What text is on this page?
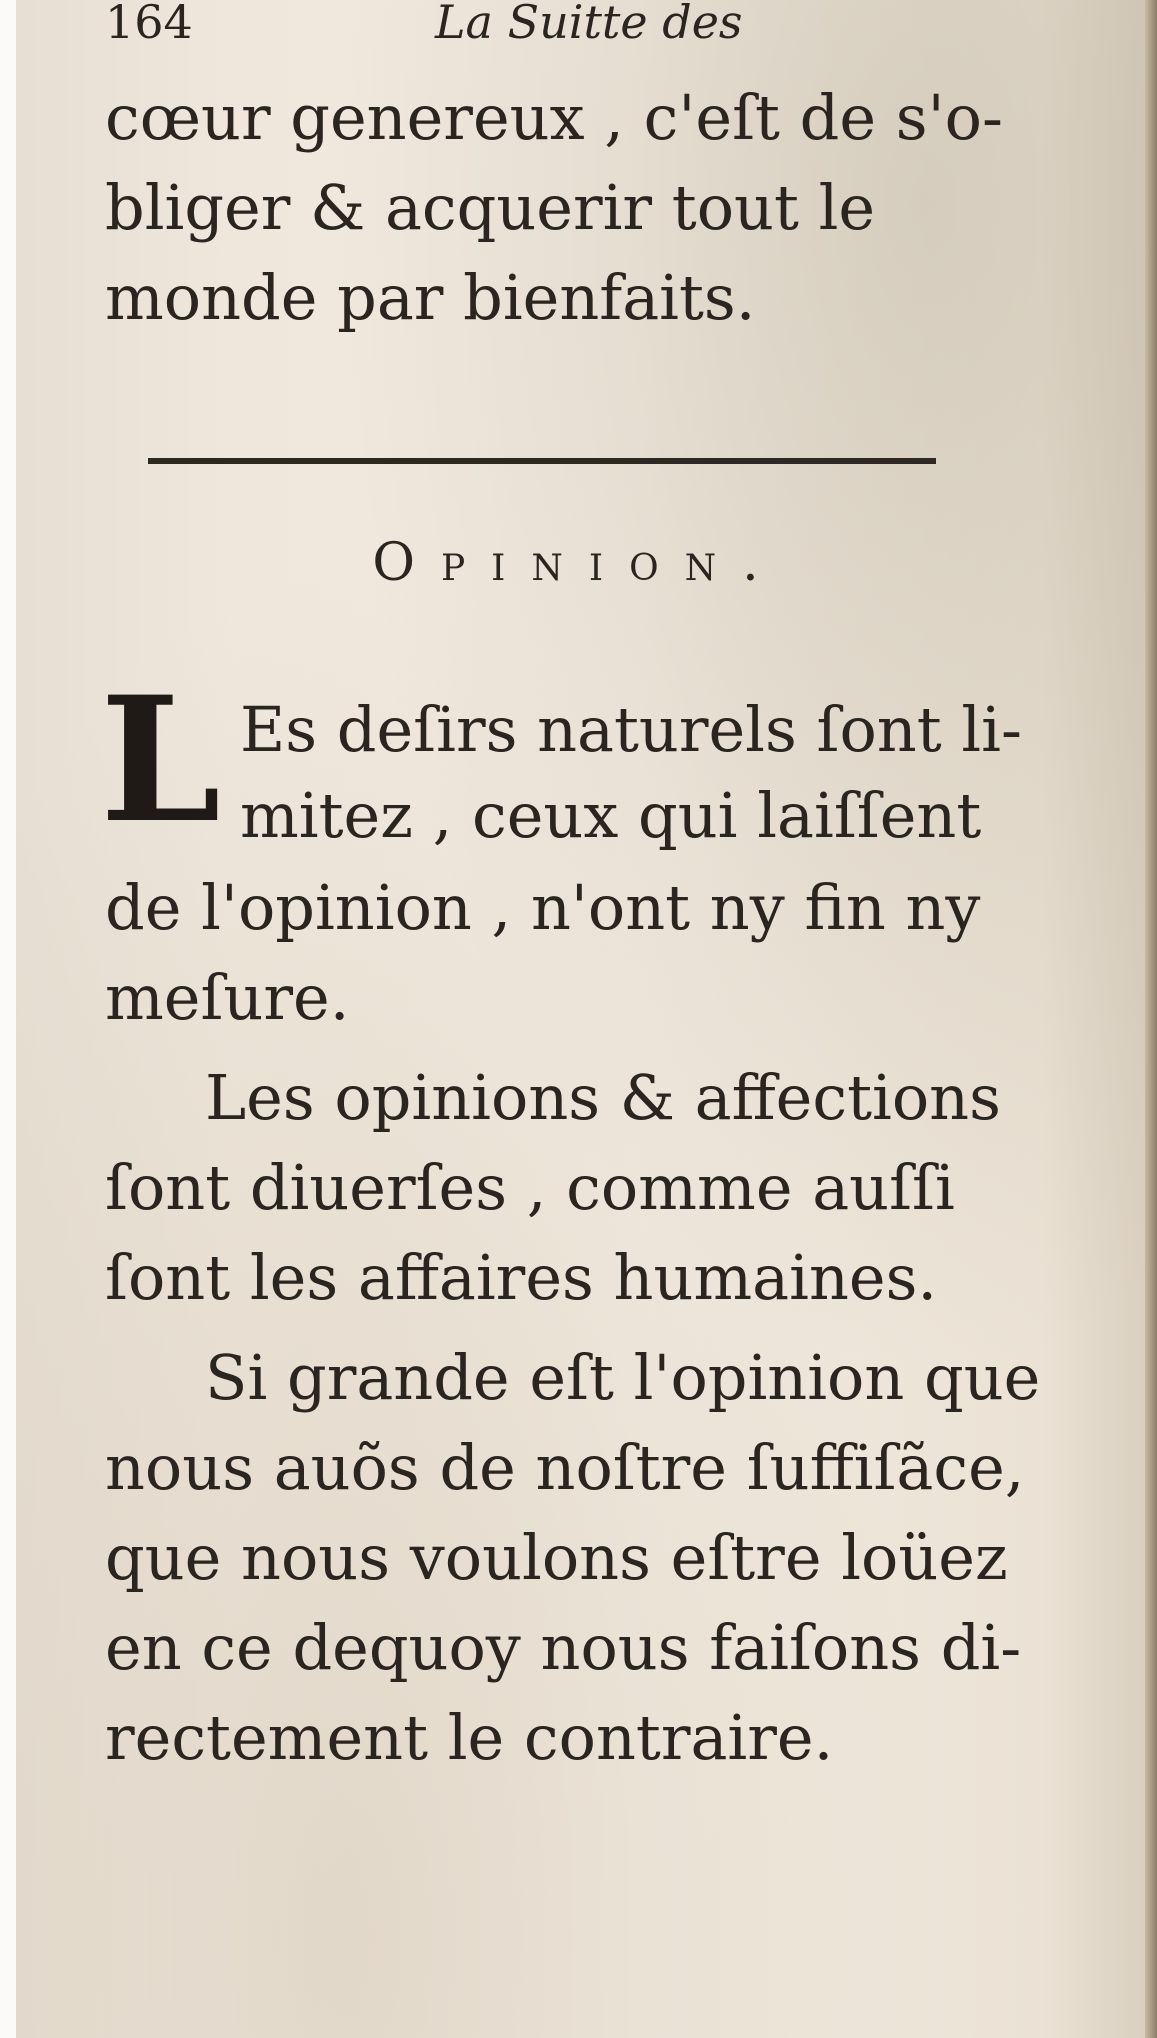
164	La Suitte des
cœur genereux , c'eſt de s'o-
bliger & acquerir tout le
monde par bienfaits.
Opinion.
L Es deſirs naturels ſont li-
mitez , ceux qui laiſſent
de l'opinion , n'ont ny fin ny
meſure.
Les opinions & affections
ſont diuerſes , comme auſſi
ſont les affaires humaines.
Si grande eſt l'opinion que
nous auõs de noſtre ſuffiſãce,
que nous voulons eſtre loüez
en ce dequoy nous faiſons di-
rectement le contraire.
